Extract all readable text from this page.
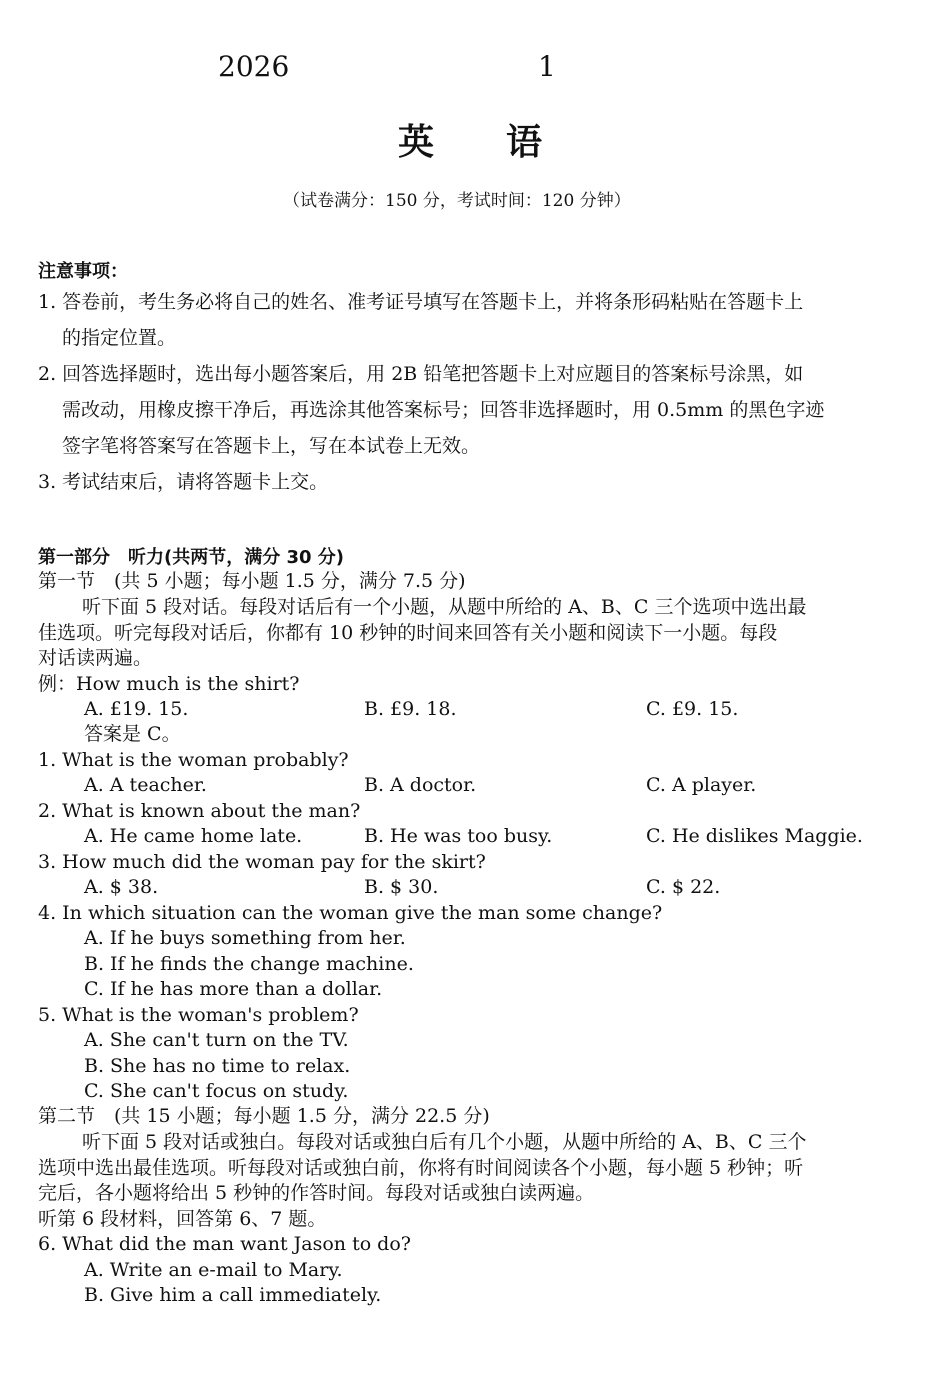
2026	1
英　　语
（试卷满分：150 分，考试时间：120 分钟）
注意事项：
1. 答卷前，考生务必将自己的姓名、准考证号填写在答题卡上，并将条形码粘贴在答题卡上
的指定位置。
2. 回答选择题时，选出每小题答案后，用 2B 铅笔把答题卡上对应题目的答案标号涂黑，如
需改动，用橡皮擦干净后，再选涂其他答案标号；回答非选择题时，用 0.5mm 的黑色字迹
签字笔将答案写在答题卡上，写在本试卷上无效。
3. 考试结束后，请将答题卡上交。
第一部分　听力(共两节，满分 30 分)
第一节　(共 5 小题；每小题 1.5 分，满分 7.5 分)
听下面 5 段对话。每段对话后有一个小题，从题中所给的 A、B、C 三个选项中选出最
佳选项。听完每段对话后，你都有 10 秒钟的时间来回答有关小题和阅读下一小题。每段
对话读两遍。
例：How much is the shirt?
A. £19. 15.	B. £9. 18.	C. £9. 15.
答案是 C。
1. What is the woman probably?
A. A teacher.	B. A doctor.	C. A player.
2. What is known about the man?
A. He came home late.	B. He was too busy.	C. He dislikes Maggie.
3. How much did the woman pay for the skirt?
A. $ 38.	B. $ 30.	C. $ 22.
4. In which situation can the woman give the man some change?
A. If he buys something from her.
B. If he finds the change machine.
C. If he has more than a dollar.
5. What is the woman's problem?
A. She can't turn on the TV.
B. She has no time to relax.
C. She can't focus on study.
第二节　(共 15 小题；每小题 1.5 分，满分 22.5 分)
听下面 5 段对话或独白。每段对话或独白后有几个小题，从题中所给的 A、B、C 三个
选项中选出最佳选项。听每段对话或独白前，你将有时间阅读各个小题，每小题 5 秒钟；听
完后，各小题将给出 5 秒钟的作答时间。每段对话或独白读两遍。
听第 6 段材料，回答第 6、7 题。
6. What did the man want Jason to do?
A. Write an e-mail to Mary.
B. Give him a call immediately.
